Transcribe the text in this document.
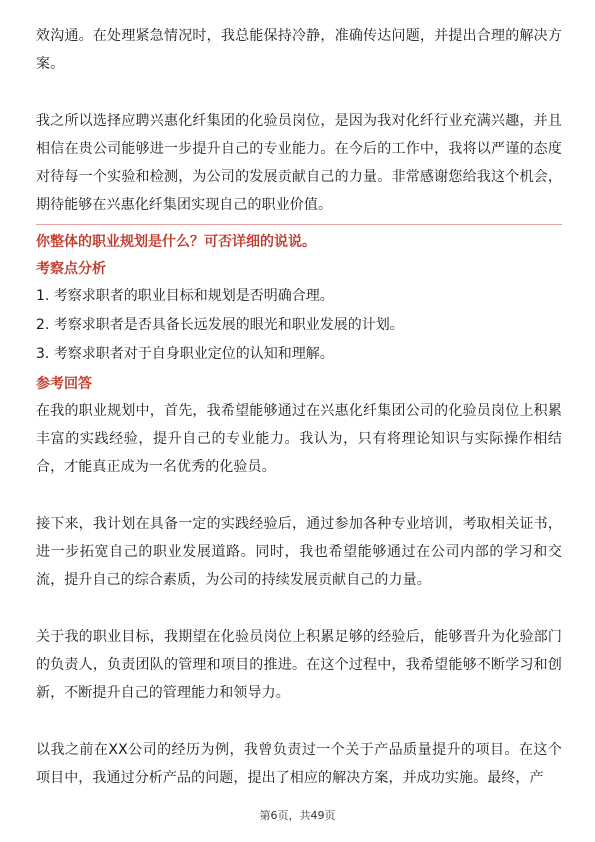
效沟通。在处理紧急情况时，我总能保持冷静，准确传达问题，并提出合理的解决方案。

我之所以选择应聘兴惠化纤集团的化验员岗位，是因为我对化纤行业充满兴趣，并且相信在贵公司能够进一步提升自己的专业能力。在今后的工作中，我将以严谨的态度对待每一个实验和检测，为公司的发展贡献自己的力量。非常感谢您给我这个机会，期待能够在兴惠化纤集团实现自己的职业价值。

你整体的职业规划是什么？可否详细的说说。

考察点分析

1. 考察求职者的职业目标和规划是否明确合理。

2. 考察求职者是否具备长远发展的眼光和职业发展的计划。

3. 考察求职者对于自身职业定位的认知和理解。

参考回答

在我的职业规划中，首先，我希望能够通过在兴惠化纤集团公司的化验员岗位上积累丰富的实践经验，提升自己的专业能力。我认为，只有将理论知识与实际操作相结合，才能真正成为一名优秀的化验员。

接下来，我计划在具备一定的实践经验后，通过参加各种专业培训，考取相关证书，进一步拓宽自己的职业发展道路。同时，我也希望能够通过在公司内部的学习和交流，提升自己的综合素质，为公司的持续发展贡献自己的力量。

关于我的职业目标，我期望在化验员岗位上积累足够的经验后，能够晋升为化验部门的负责人，负责团队的管理和项目的推进。在这个过程中，我希望能够不断学习和创新，不断提升自己的管理能力和领导力。

以我之前在XX公司的经历为例，我曾负责过一个关于产品质量提升的项目。在这个项目中，我通过分析产品的问题，提出了相应的解决方案，并成功实施。最终，产

第6页，共49页
